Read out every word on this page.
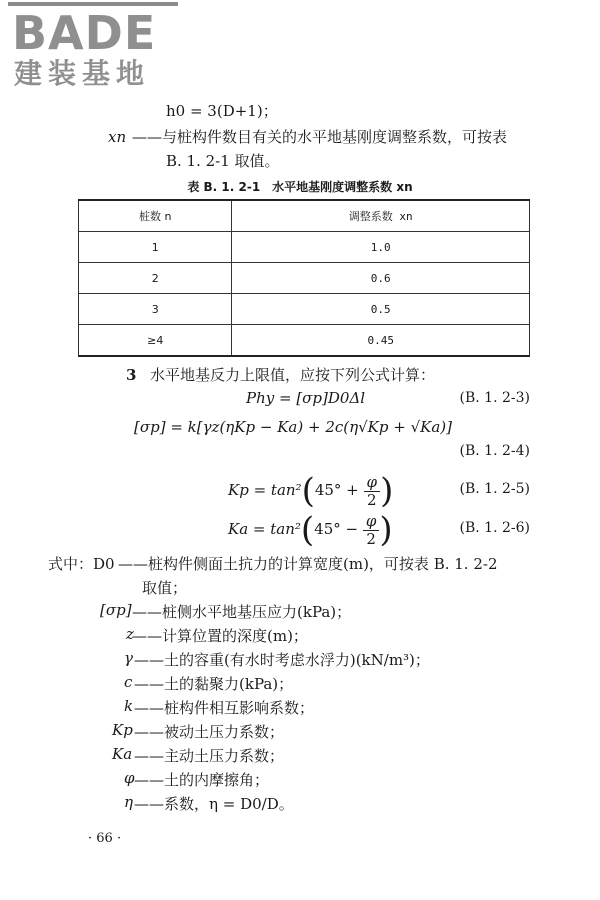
BADE
建装基地
h0 = 3(D+1)；
xn ——与桩构件数目有关的水平地基刚度调整系数，可按表
B. 1. 2-1 取值。
表 B. 1. 2-1　水平地基刚度调整系数 xn
桩数 n	调整系数 xn
1	1.0
2	0.6
3	0.5
≥4	0.45
3 水平地基反力上限值，应按下列公式计算：
Phy = [σp]D0Δl	(B. 1. 2-3)
[σp] = k[γz(ηKp − Ka) + 2c(η√Kp + √Ka)]
(B. 1. 2-4)
$Kp = \tan^2(45^\circ + \frac{\varphi}{2}$ )	(B. 1. 2-5)
$Ka = \tan^2(45^\circ - \frac{\varphi}{2}$ )	(B. 1. 2-6)
式中：D0 ——桩构件侧面土抗力的计算宽度(m)，可按表 B. 1. 2-2
取值；
[σp] ——桩侧水平地基压应力(kPa)；
z
——计算位置的深度(m)；
γ ——土的容重(有水时考虑水浮力)(kN/m³)；
c ——土的黏聚力(kPa)；
k ——桩构件相互影响系数；
Kp ——被动土压力系数；
Ka ——主动土压力系数；
φ ——土的内摩擦角；
η ——系数，η = D0/D。
· 66 ·
